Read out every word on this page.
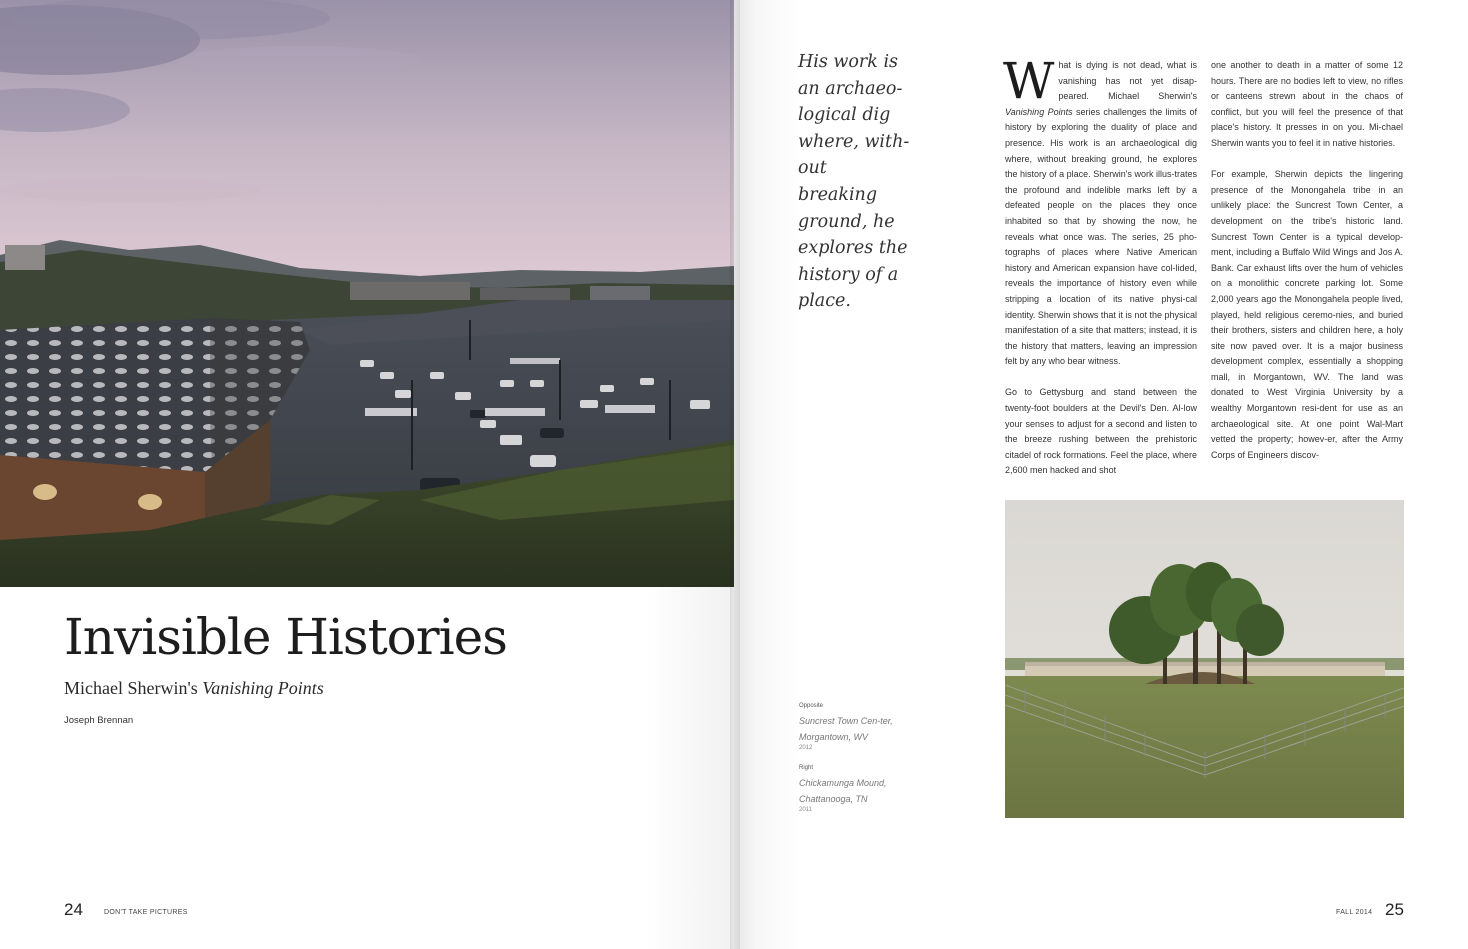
Invisible Histories
Michael Sherwin's Vanishing Points
Joseph Brennan
24	DON'T TAKE PICTURES

His work is an archaeo-logical dig where, with-out breaking ground, he explores the history of a place.

What is dying is not dead, what is vanishing has not yet disap-peared. Michael Sherwin's Vanishing Points series challenges the limits of history by exploring the duality of place and presence. His work is an archaeological dig where, without breaking ground, he explores the history of a place. Sherwin's work illus-trates the profound and indelible marks left by a defeated people on the places they once inhabited so that by showing the now, he reveals what once was. The series, 25 pho-tographs of places where Native American history and American expansion have col-lided, reveals the importance of history even while stripping a location of its native physi-cal identity. Sherwin shows that it is not the physical manifestation of a site that matters; instead, it is the history that matters, leaving an impression felt by any who bear witness.

Go to Gettysburg and stand between the twenty-foot boulders at the Devil's Den. Al-low your senses to adjust for a second and listen to the breeze rushing between the prehistoric citadel of rock formations. Feel the place, where 2,600 men hacked and shot

one another to death in a matter of some 12 hours. There are no bodies left to view, no rifles or canteens strewn about in the chaos of conflict, but you will feel the presence of that place's history. It presses in on you. Mi-chael Sherwin wants you to feel it in native histories.

For example, Sherwin depicts the lingering presence of the Monongahela tribe in an unlikely place: the Suncrest Town Center, a development on the tribe's historic land. Suncrest Town Center is a typical develop-ment, including a Buffalo Wild Wings and Jos A. Bank. Car exhaust lifts over the hum of vehicles on a monolithic concrete parking lot. Some 2,000 years ago the Monongahela people lived, played, held religious ceremo-nies, and buried their brothers, sisters and children here, a holy site now paved over. It is a major business development complex, essentially a shopping mall, in Morgantown, WV. The land was donated to West Virginia University by a wealthy Morgantown resi-dent for use as an archaeological site. At one point Wal-Mart vetted the property; howev-er, after the Army Corps of Engineers discov-

Opposite

Suncrest Town Cen-ter, Morgantown, WV

2012

Right

Chickamunga Mound, Chattanooga, TN

2011

FALL 2014 25
